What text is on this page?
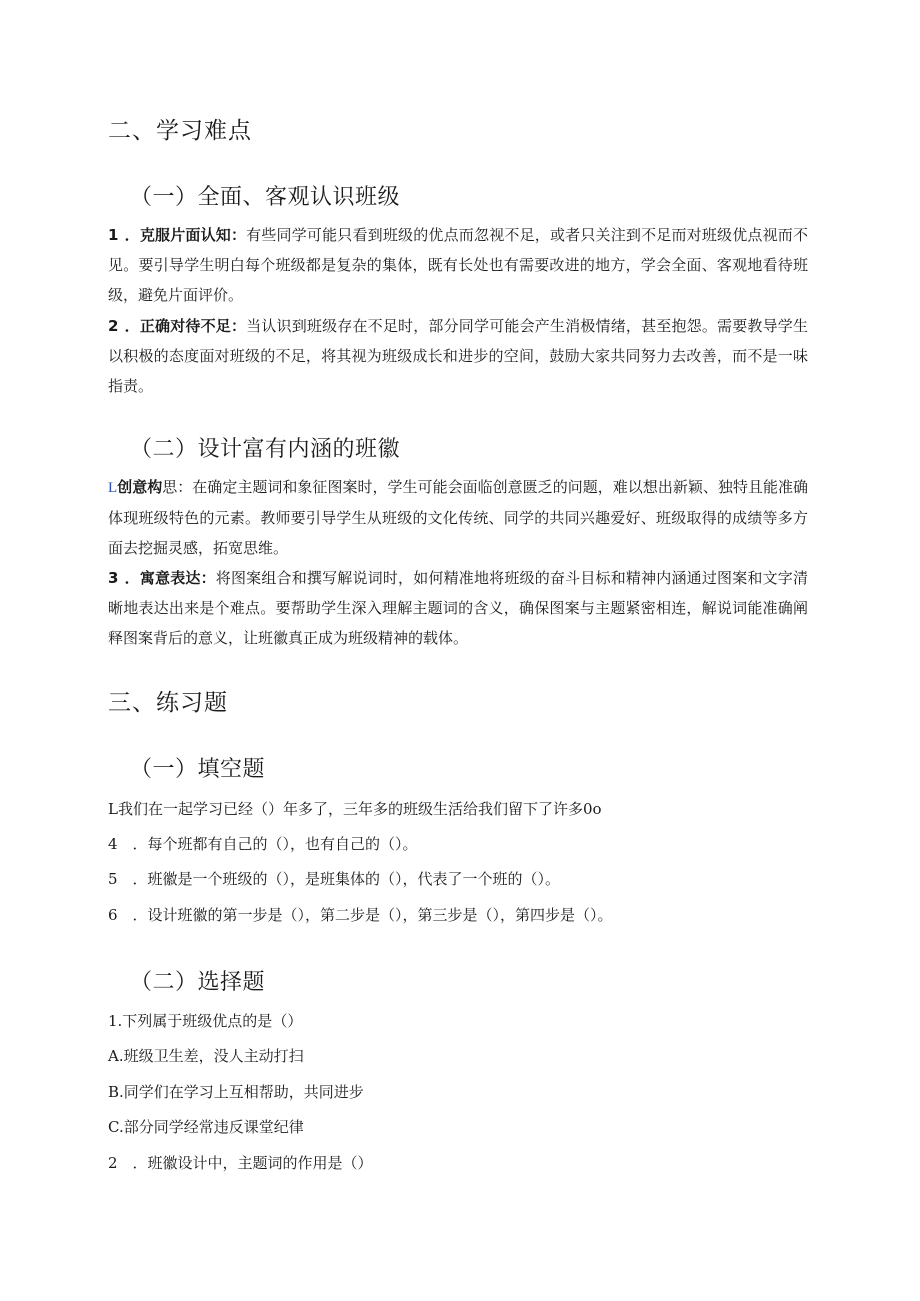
二、学习难点
（一）全面、客观认识班级
1 ．克服片面认知：有些同学可能只看到班级的优点而忽视不足，或者只关注到不足而对班级优点视而不见。要引导学生明白每个班级都是复杂的集体，既有长处也有需要改进的地方，学会全面、客观地看待班级，避免片面评价。
2 ．正确对待不足：当认识到班级存在不足时，部分同学可能会产生消极情绪，甚至抱怨。需要教导学生以积极的态度面对班级的不足，将其视为班级成长和进步的空间，鼓励大家共同努力去改善，而不是一味指责。
（二）设计富有内涵的班徽
L创意构思：在确定主题词和象征图案时，学生可能会面临创意匮乏的问题，难以想出新颖、独特且能准确体现班级特色的元素。教师要引导学生从班级的文化传统、同学的共同兴趣爱好、班级取得的成绩等多方面去挖掘灵感，拓宽思维。
3 ．寓意表达：将图案组合和撰写解说词时，如何精准地将班级的奋斗目标和精神内涵通过图案和文字清晰地表达出来是个难点。要帮助学生深入理解主题词的含义，确保图案与主题紧密相连，解说词能准确阐释图案背后的意义，让班徽真正成为班级精神的载体。
三、练习题
（一）填空题
L我们在一起学习已经（）年多了，三年多的班级生活给我们留下了许多0o
4　．每个班都有自己的（），也有自己的（）。
5　．班徽是一个班级的（），是班集体的（），代表了一个班的（）。
6　．设计班徽的第一步是（），第二步是（），第三步是（），第四步是（）。
（二）选择题
1.下列属于班级优点的是（）
A.班级卫生差，没人主动打扫
B.同学们在学习上互相帮助，共同进步
C.部分同学经常违反课堂纪律
2　．班徽设计中，主题词的作用是（）
